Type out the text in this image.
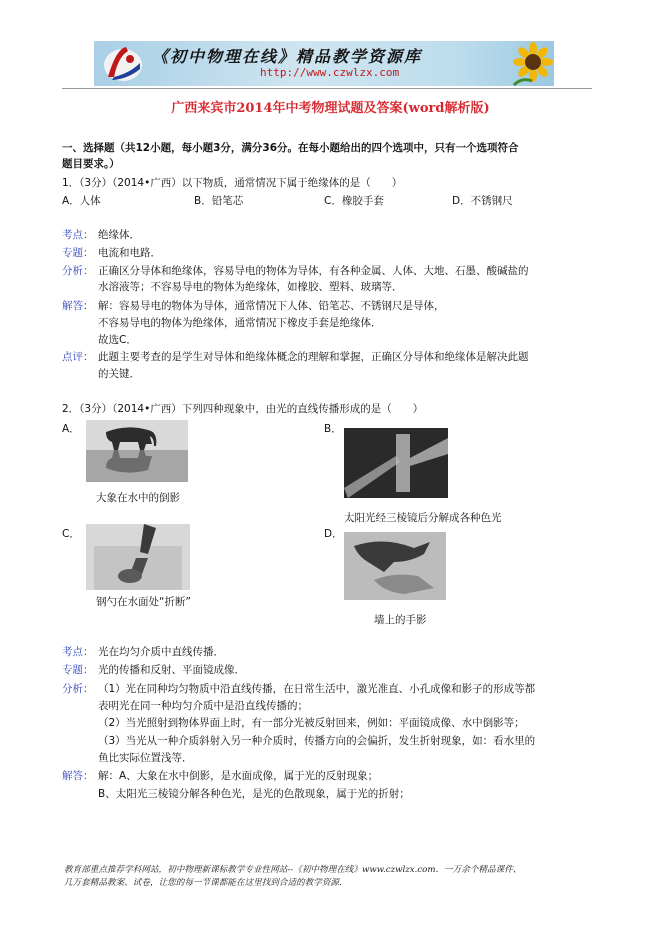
《初中物理在线》精品教学资源库
http://www.czwlzx.com
广西来宾市2014年中考物理试题及答案(word解析版)
一、选择题（共12小题，每小题3分，满分36分。在每小题给出的四个选项中，只有一个选项符合
题目要求。）
1．（3分）（2014•广西）以下物质，通常情况下属于绝缘体的是（　　）
A．人体	B．铅笔芯	C．橡胶手套	D．不锈钢尺
考点： 绝缘体．
专题： 电流和电路．
分析： 正确区分导体和绝缘体，容易导电的物体为导体，有各种金属、人体、大地、石墨、酸碱盐的
水溶液等；不容易导电的物体为绝缘体，如橡胶、塑料、玻璃等．
解答： 解：容易导电的物体为导体，通常情况下人体、铅笔芯、不锈钢尺是导体，
不容易导电的物体为绝缘体，通常情况下橡皮手套是绝缘体．
故选C．
点评： 此题主要考查的是学生对导体和绝缘体概念的理解和掌握，正确区分导体和绝缘体是解决此题
的关键．
2．（3分）（2014•广西）下列四种现象中，由光的直线传播形成的是（　　）
A．
大象在水中的倒影
B．
太阳光经三棱镜后分解成各种色光
C．
钢勺在水面处“折断”
D．
墙上的手影
考点： 光在均匀介质中直线传播．
专题： 光的传播和反射、平面镜成像．
分析： （1）光在同种均匀物质中沿直线传播，在日常生活中，激光准直、小孔成像和影子的形成等都
表明光在同一种均匀介质中是沿直线传播的；
（2）当光照射到物体界面上时，有一部分光被反射回来，例如：平面镜成像、水中倒影等；
（3）当光从一种介质斜射入另一种介质时，传播方向的会偏折，发生折射现象，如：看水里的
鱼比实际位置浅等．
解答： 解：A、大象在水中倒影，是水面成像，属于光的反射现象；
B、太阳光三棱镜分解各种色光，是光的色散现象，属于光的折射；
教育部重点推荐学科网站，初中物理新课标教学专业性网站--《初中物理在线》www.czwlzx.com．一万余个精品课件、
几万套精品教案、试卷，让您的每一节课都能在这里找到合适的教学资源．
